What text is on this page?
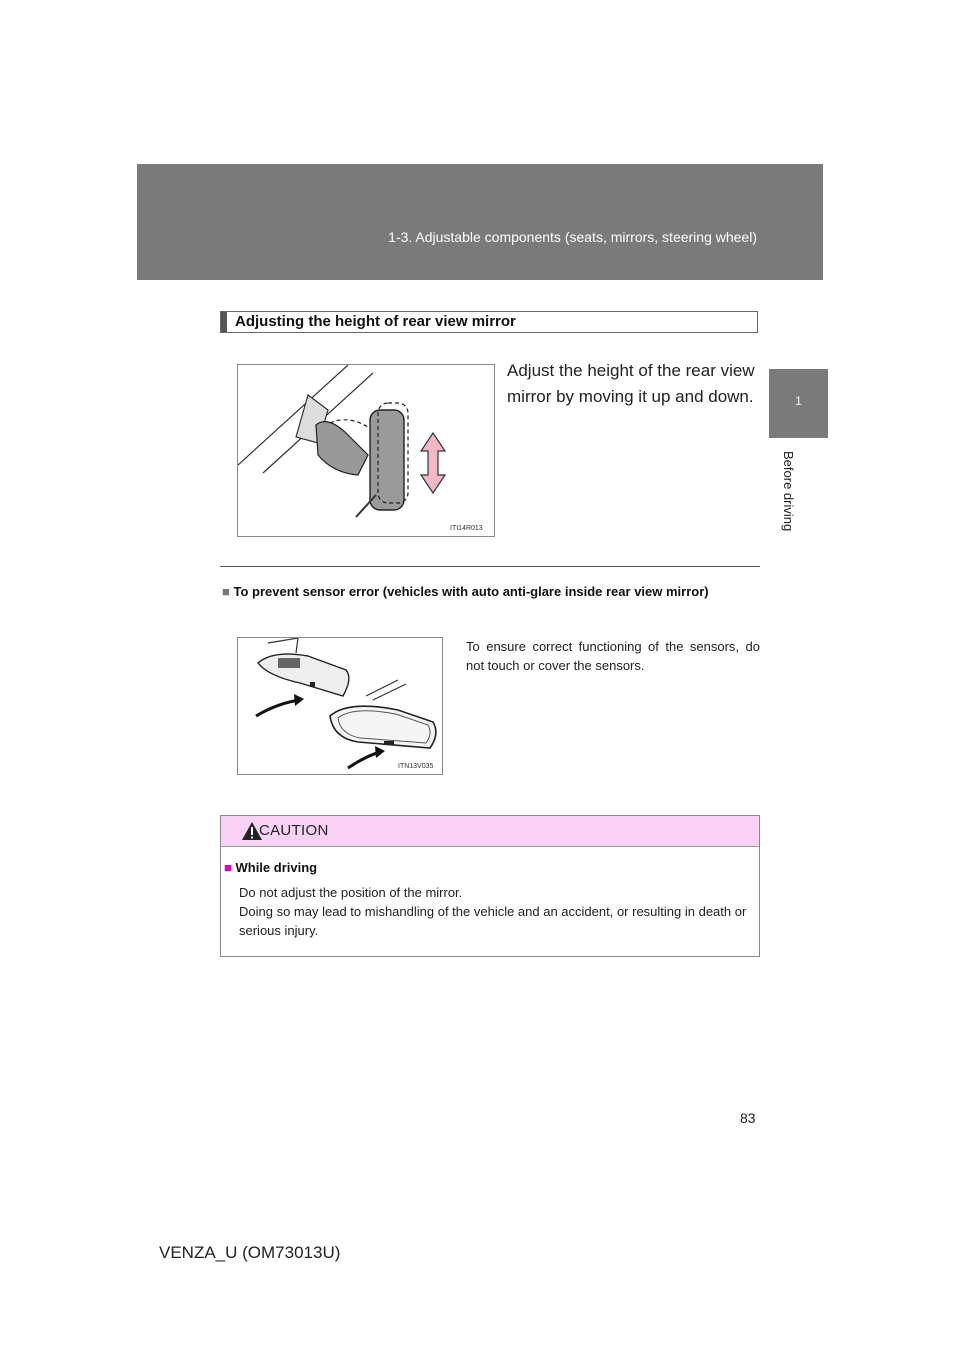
1-3. Adjustable components (seats, mirrors, steering wheel)
1
Before driving
Adjusting the height of rear view mirror
ITI14R013
Adjust the height of the rear view mirror by moving it up and down.
■ To prevent sensor error (vehicles with auto anti-glare inside rear view mirror)
ITN13V035
To ensure correct functioning of the sensors, do not touch or cover the sensors.
CAUTION
■ While driving

Do not adjust the position of the mirror.

Doing so may lead to mishandling of the vehicle and an accident, or resulting in death or serious injury.

83
VENZA_U (OM73013U)
